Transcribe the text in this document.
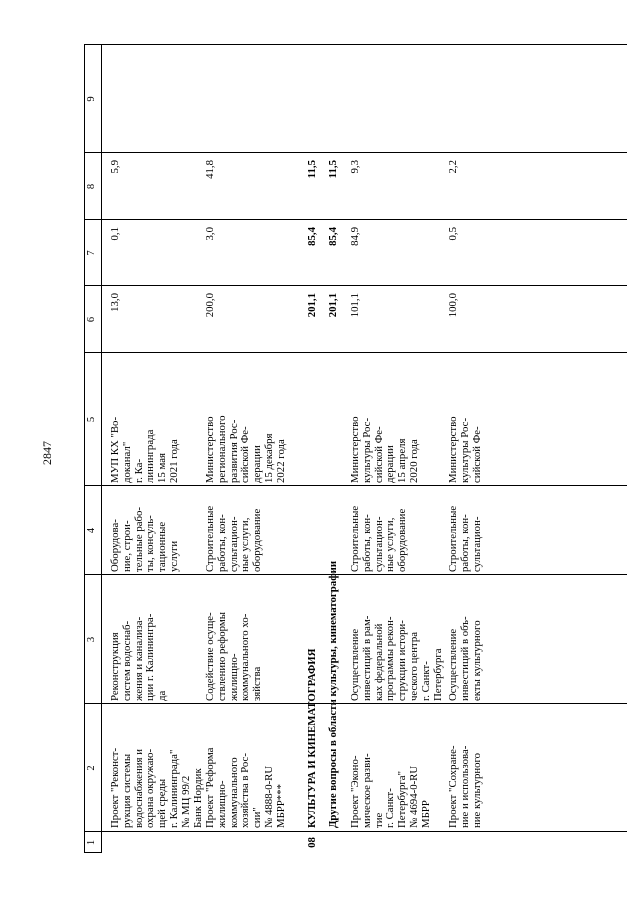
2847
1
2
3
4
5
6
7
8
9
Проект "Реконст-
рукция системы
водоснабжения и
охрана окружаю-
щей среды
г. Калининграда"
№ МЦ 99/2
Банк Нордик
Реконструкция
систем водоснаб-
жения и канализа-
ции г. Калинингра-
да
Оборудова-
ние, строи-
тельные рабо-
ты, консуль-
тационные
услуги
МУП КХ "Во-
доканал"
г. Ка-
лининграда
15 мая
2021 года
13,0
0,1
5,9
Проект "Реформа
жилищно-
коммунального
хозяйства в Рос-
сии"
№ 4888-0-RU
МБРР***
Содействие осуще-
ствлению реформы
жилищно-
коммунального хо-
зяйства
Строительные
работы, кон-
сультацион-
ные услуги,
оборудование
Министерство
регионального
развития Рос-
сийской Фе-
дерации
15 декабря
2022 года
200,0
3,0
41,8
08
КУЛЬТУРА И КИНЕМАТОГРАФИЯ
201,1
85,4
11,5
Другие вопросы в области культуры, кинематографии
201,1
85,4
11,5
Проект "Эконо-
мическое разви-
тие
г. Санкт-
Петербурга"
№ 4694-0-RU
МБРР
Осуществление
инвестиций в рам-
ках федеральной
программы рекон-
струкции истори-
ческого центра
г. Санкт-
Петербурга
Строительные
работы, кон-
сультацион-
ные услуги,
оборудование
Министерство
культуры Рос-
сийской Фе-
дерации
15 апреля
2020 года
101,1
84,9
9,3
Проект "Сохране-
ние и использова-
ние культурного
Осуществление
инвестиций в объ-
екты культурного
Строительные
работы, кон-
сультацион-
Министерство
культуры Рос-
сийской Фе-
100,0
0,5
2,2
